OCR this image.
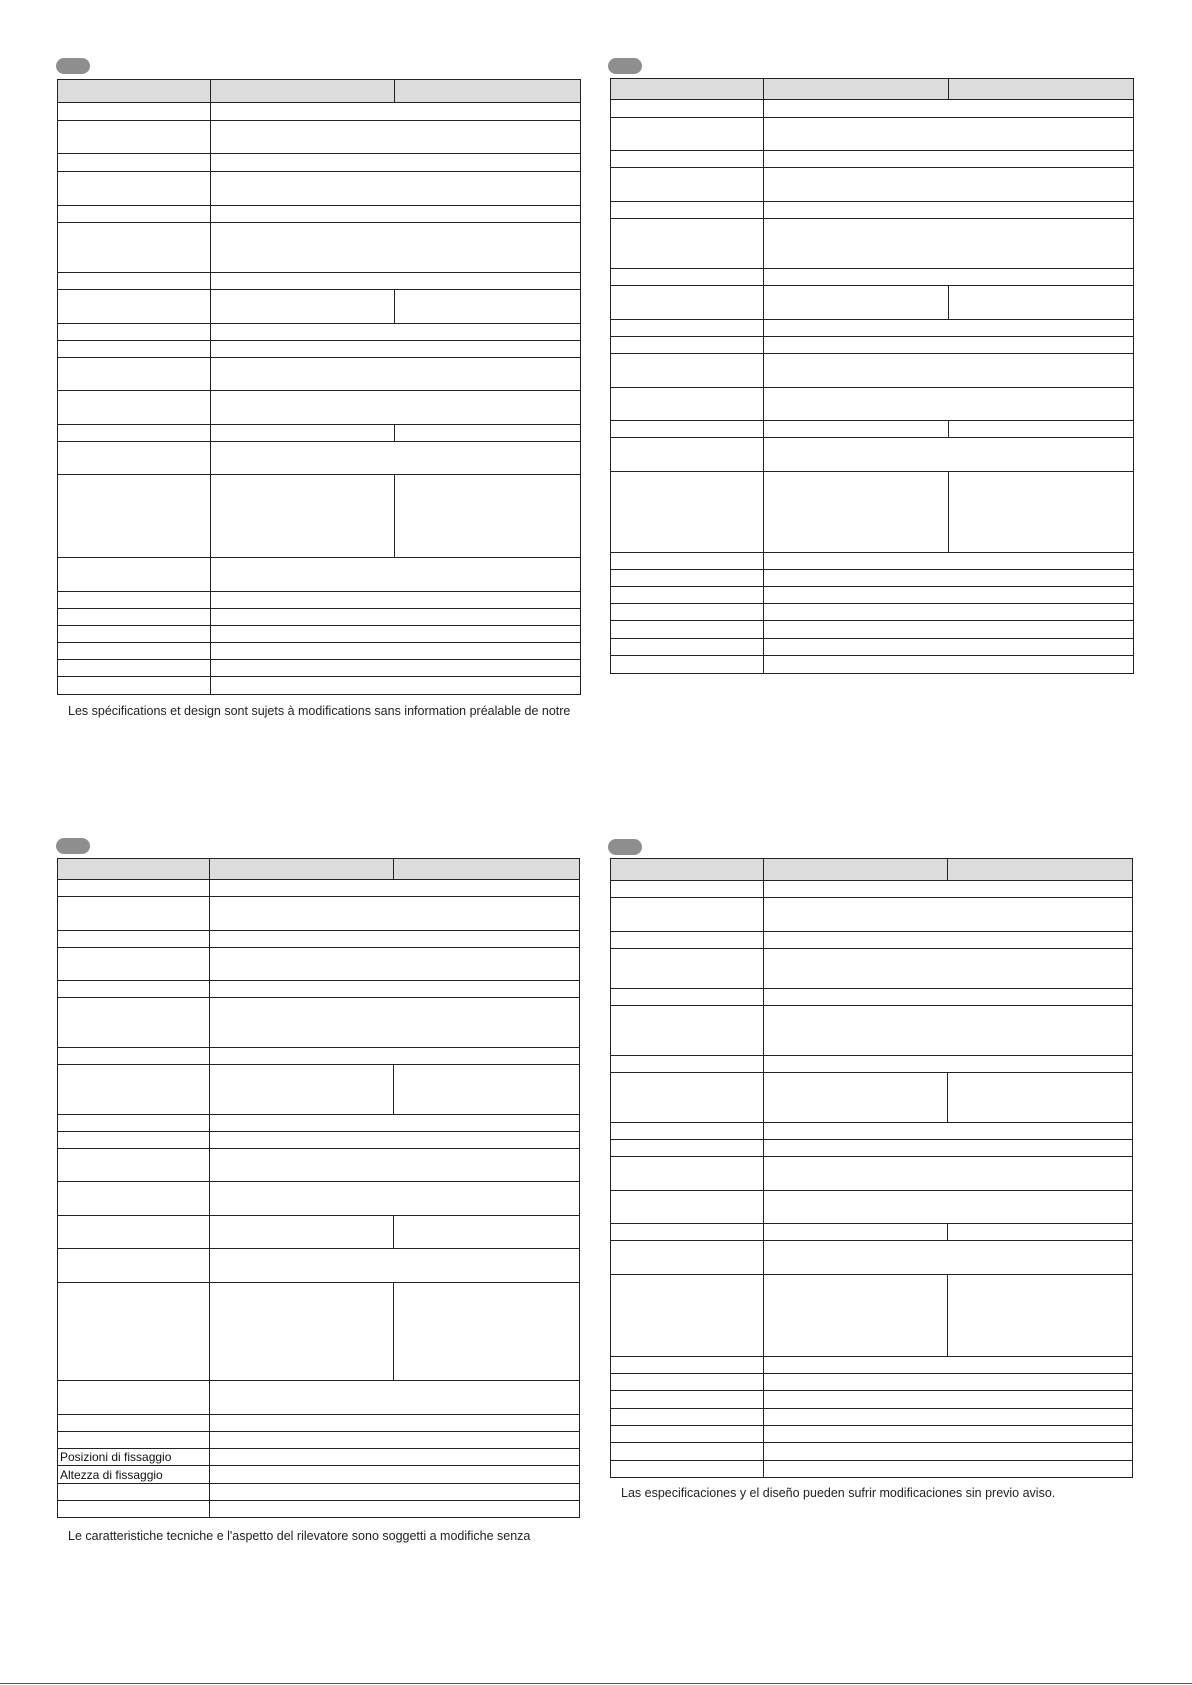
Les spécifications et design sont sujets à modifications sans information préalable de notre

Posizioni di fissaggio		
Altezza di fissaggio		

Le caratteristiche tecniche e l'aspetto del rilevatore sono soggetti a modifiche senza

Las especificaciones y el diseño pueden sufrir modificaciones sin previo aviso.
